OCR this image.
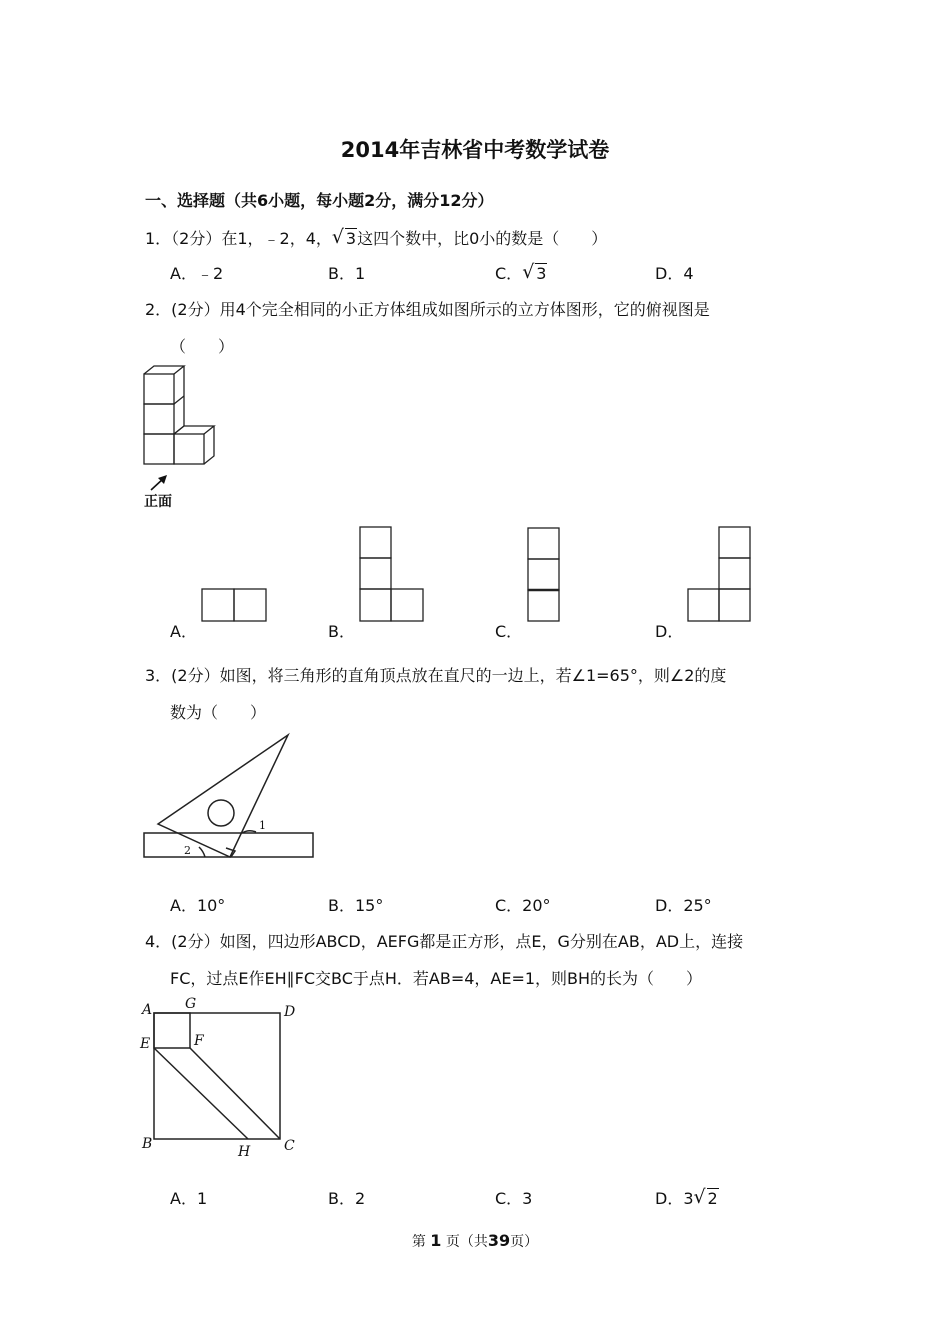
2014年吉林省中考数学试卷
一、选择题（共6小题，每小题2分，满分12分）
1．（2分）在1，﹣2，4， √ 3这四个数中，比0小的数是（　　）
A．﹣2	B．1	C． √ 3	D．4
2．(2分）用4个完全相同的小正方体组成如图所示的立方体图形，它的俯视图是
（　　）
正面
A．	B．	C．	D．
3．(2分）如图，将三角形的直角顶点放在直尺的一边上，若∠1=65°，则∠2的度
数为（　　）
1
2
A．10°	B．15°	C．20°	D．25°
4．(2分）如图，四边形ABCD，AEFG都是正方形，点E，G分别在AB，AD上，连接
FC，过点E作EH∥FC交BC于点H．若AB=4，AE=1，则BH的长为（　　）
A G	D
E	F
B	H C
A．1	B．2	C．3	D．3 √ 2
第 1 页（共39页）
